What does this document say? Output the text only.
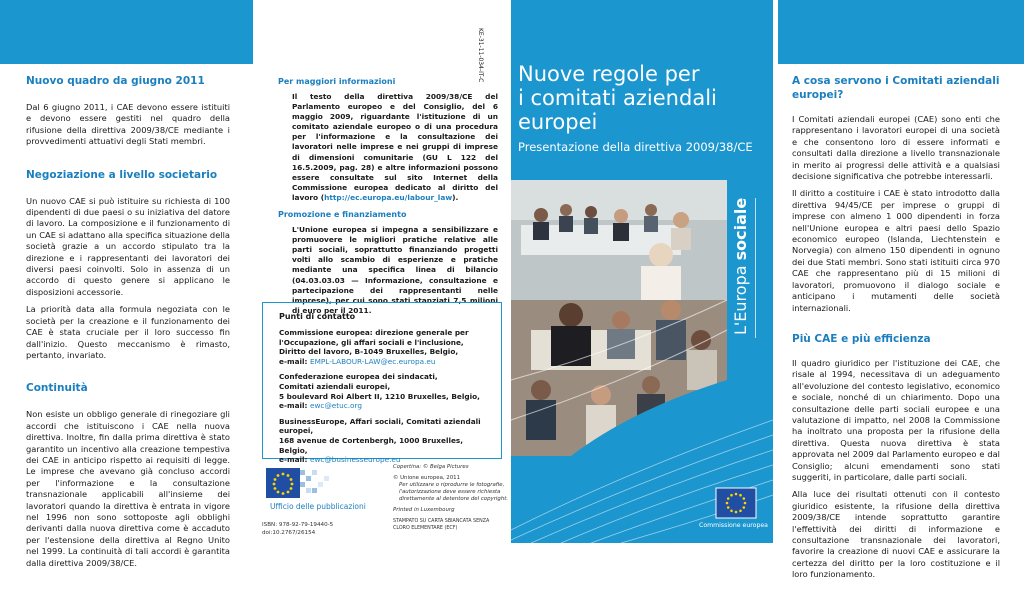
Nuovo quadro da giugno 2011

Dal 6 giugno 2011, i CAE devono essere istituiti e devono essere gestiti nel quadro della rifusione della direttiva 2009/38/CE mediante i provvedimenti attuativi degli Stati membri.

Negoziazione a livello societario

Un nuovo CAE si può istituire su richiesta di 100 dipendenti di due paesi o su iniziativa del datore di lavoro. La composizione e il funzionamento di un CAE si adattano alla specifica situazione della società grazie a un accordo stipulato tra la direzione e i rappresentanti dei lavoratori dei diversi paesi coinvolti. Solo in assenza di un accordo di questo genere si applicano le disposizioni accessorie.

La priorità data alla formula negoziata con le società per la creazione e il funzionamento dei CAE è stata cruciale per il loro successo fin dall'inizio. Questo meccanismo è rimasto, pertanto, invariato.

Continuità

Non esiste un obbligo generale di rinegoziare gli accordi che istituiscono i CAE nella nuova direttiva. Inoltre, fin dalla prima direttiva è stato garantito un incentivo alla creazione tempestiva dei CAE in anticipo rispetto ai requisiti di legge. Le imprese che avevano già concluso accordi per l'informazione e la consultazione transnazionale applicabili all'insieme dei lavoratori quando la direttiva è entrata in vigore nel 1996 non sono sottoposte agli obblighi derivanti dalla nuova direttiva come è accaduto per l'estensione della direttiva al Regno Unito nel 1999. La continuità di tali accordi è garantita dalla direttiva 2009/38/CE.

Per maggiori informazioni

Il testo della direttiva 2009/38/CE del Parlamento europeo e del Consiglio, del 6 maggio 2009, riguardante l'istituzione di un comitato aziendale europeo o di una procedura per l'informazione e la consultazione dei lavoratori nelle imprese e nei gruppi di imprese di dimensioni comunitarie (GU L 122 del 16.5.2009, pag. 28) e altre informazioni possono essere consultate sul sito Internet della Commissione europea dedicato al diritto del lavoro (http://ec.europa.eu/labour_law).

Promozione e finanziamento

L'Unione europea si impegna a sensibilizzare e promuovere le migliori pratiche relative alle parti sociali, soprattutto finanziando progetti volti allo scambio di esperienze e pratiche mediante una specifica linea di bilancio (04.03.03.03 — Informazione, consultazione e partecipazione dei rappresentanti nelle imprese), per cui sono stati stanziati 7,5 milioni di euro per il 2011.

KE-31-11-034-IT-C
Punti di contatto
Commissione europea: direzione generale per
l'Occupazione, gli affari sociali e l'inclusione,
Diritto del lavoro, B-1049 Bruxelles, Belgio,
e-mail: EMPL-LABOUR-LAW@ec.europa.eu
Confederazione europea dei sindacati,
Comitati aziendali europei,
5 boulevard Roi Albert II, 1210 Bruxelles, Belgio,
e-mail: ewc@etuc.org
BusinessEurope, Affari sociali, Comitati aziendali europei,
168 avenue de Cortenbergh, 1000 Bruxelles, Belgio,
e-mail: ewc@businesseurope.eu
Ufficio delle pubblicazioni
Copertina: © Belga Pictures
© Unione europea, 2011
Per utilizzare o riprodurre le fotografie,
l'autorizzazione deve essere richiesta
direttamente al detentore del copyright.
Printed in Luxembourg
STAMPATO SU CARTA SBIANCATA SENZA
CLORO ELEMENTARE (ECF)
ISBN: 978-92-79-19440-5
doi:10.2767/26154
Nuove regole per
i comitati aziendali
europei
Presentazione della direttiva 2009/38/CE
L'Europa sociale
Commissione europea
A cosa servono i Comitati aziendali europei?

I Comitati aziendali europei (CAE) sono enti che rappresentano i lavoratori europei di una società e che consentono loro di essere informati e consultati dalla direzione a livello transnazionale in merito ai progressi delle attività e a qualsiasi decisione significativa che potrebbe interessarli.

Il diritto a costituire i CAE è stato introdotto dalla direttiva 94/45/CE per imprese o gruppi di imprese con almeno 1 000 dipendenti in forza nell'Unione europea e altri paesi dello Spazio economico europeo (Islanda, Liechtenstein e Norvegia) con almeno 150 dipendenti in ognuno dei due Stati membri. Sono stati istituiti circa 970 CAE che rappresentano più di 15 milioni di lavoratori, promuovono il dialogo sociale e anticipano i mutamenti delle società internazionali.

Più CAE e più efficienza

Il quadro giuridico per l'istituzione dei CAE, che risale al 1994, necessitava di un adeguamento all'evoluzione del contesto legislativo, economico e sociale, nonché di un chiarimento. Dopo una consultazione delle parti sociali europee e una valutazione di impatto, nel 2008 la Commissione ha inoltrato una proposta per la rifusione della direttiva. Questa nuova direttiva è stata approvata nel 2009 dal Parlamento europeo e dal Consiglio; alcuni emendamenti sono stati suggeriti, in particolare, dalle parti sociali.

Alla luce dei risultati ottenuti con il contesto giuridico esistente, la rifusione della direttiva 2009/38/CE intende soprattutto garantire l'effettività dei diritti di informazione e consultazione transnazionale dei lavoratori, favorire la creazione di nuovi CAE e assicurare la certezza del diritto per la loro costituzione e il loro funzionamento.
